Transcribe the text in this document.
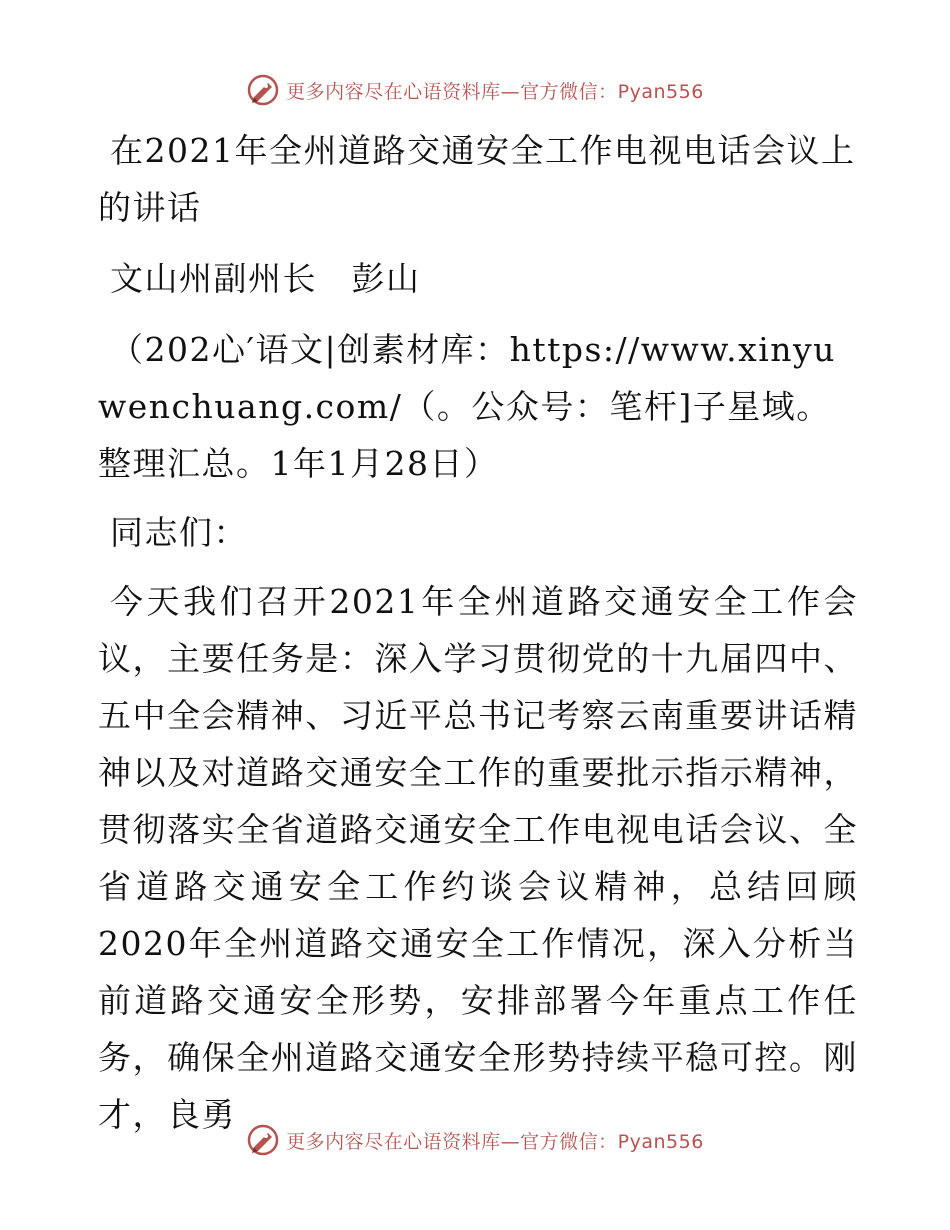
更多内容尽在心语资料库—官方微信：Pyan556

在2021年全州道路交通安全工作电视电话会议上的讲话

文山州副州长　彭山

（202心′语文|创素材库：https://www.xinyuwenchuang.com/（。公众号：笔杆]子星域。整理汇总。1年1月28日）

同志们：

今天我们召开2021年全州道路交通安全工作会议，主要任务是：深入学习贯彻党的十九届四中、五中全会精神、习近平总书记考察云南重要讲话精神以及对道路交通安全工作的重要批示指示精神，贯彻落实全省道路交通安全工作电视电话会议、全省道路交通安全工作约谈会议精神，总结回顾2020年全州道路交通安全工作情况，深入分析当前道路交通安全形势，安排部署今年重点工作任务，确保全州道路交通安全形势持续平稳可控。刚才，良勇

更多内容尽在心语资料库—官方微信：Pyan556
